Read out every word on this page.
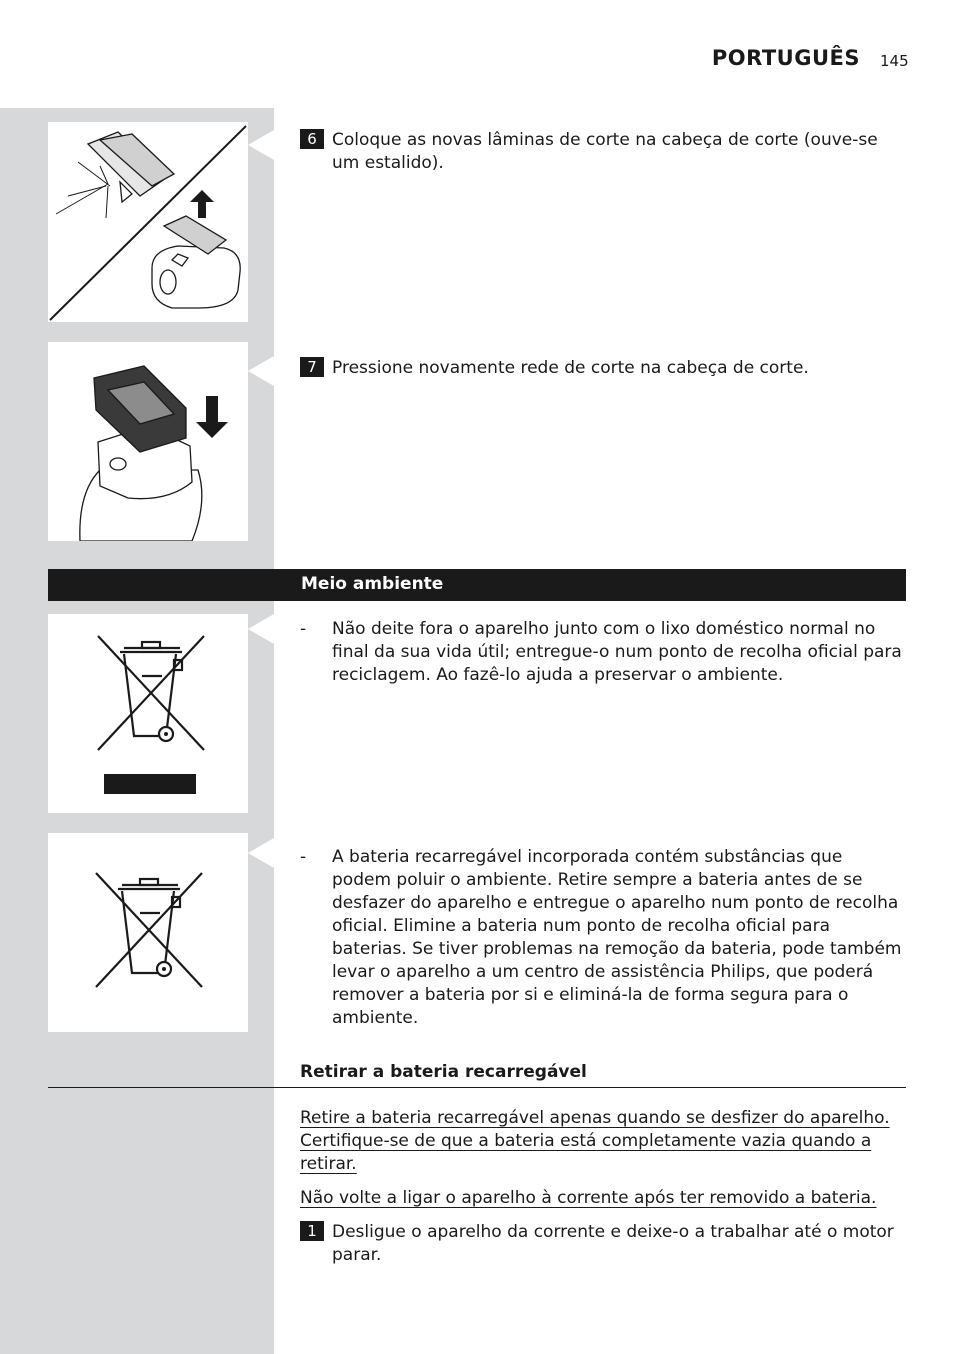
PORTUGUÊS 145
6 Coloque as novas lâminas de corte na cabeça de corte (ouve-se um estalido).
7 Pressione novamente rede de corte na cabeça de corte.
Meio ambiente
- Não deite fora o aparelho junto com o lixo doméstico normal no final da sua vida útil; entregue-o num ponto de recolha oficial para reciclagem. Ao fazê-lo ajuda a preservar o ambiente.
- A bateria recarregável incorporada contém substâncias que podem poluir o ambiente. Retire sempre a bateria antes de se desfazer do aparelho e entregue o aparelho num ponto de recolha oficial. Elimine a bateria num ponto de recolha oficial para baterias. Se tiver problemas na remoção da bateria, pode também levar o aparelho a um centro de assistência Philips, que poderá remover a bateria por si e eliminá-la de forma segura para o ambiente.
Retirar a bateria recarregável
Retire a bateria recarregável apenas quando se desfizer do aparelho. Certifique-se de que a bateria está completamente vazia quando a retirar.
Não volte a ligar o aparelho à corrente após ter removido a bateria.
1 Desligue o aparelho da corrente e deixe-o a trabalhar até o motor parar.
